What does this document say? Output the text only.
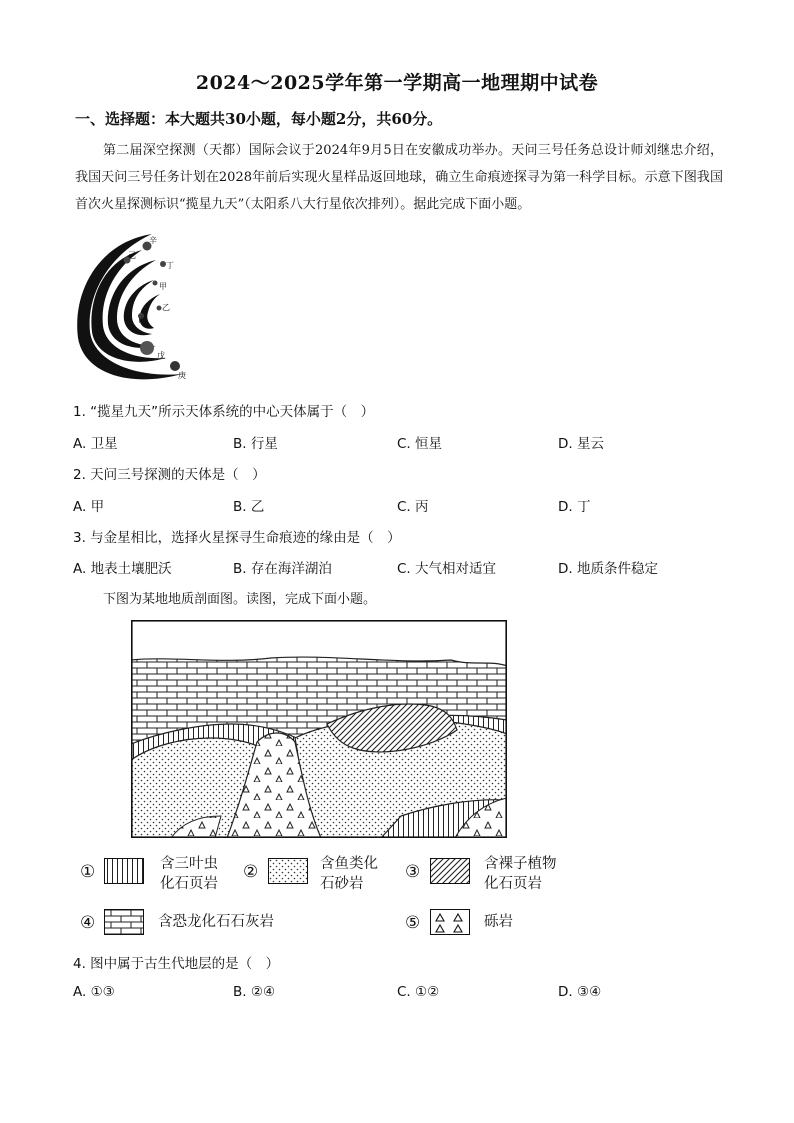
2024～2025学年第一学期高一地理期中试卷
一、选择题：本大题共30小题，每小题2分，共60分。
第二届深空探测（天都）国际会议于2024年9月5日在安徽成功举办。天问三号任务总设计师刘继忠介绍，我国天问三号任务计划在2028年前后实现火星样品返回地球，确立生命痕迹探寻为第一科学目标。示意下图我国首次火星探测标识“揽星九天”（太阳系八大行星依次排列）。据此完成下面小题。
辛
己
丁
甲
乙
丙
戊
庚
1. “揽星九天”所示天体系统的中心天体属于（　）
A. 卫星	B. 行星	C. 恒星	D. 星云
2. 天问三号探测的天体是（　）
A. 甲	B. 乙	C. 丙	D. 丁
3. 与金星相比，选择火星探寻生命痕迹的缘由是（　）
A. 地表土壤肥沃	B. 存在海洋湖泊	C. 大气相对适宜	D. 地质条件稳定
下图为某地地质剖面图。读图，完成下面小题。
①	含三叶虫
化石页岩
②	含鱼类化
石砂岩
③	含裸子植物
化石页岩
④	含恐龙化石石灰岩	⑤	砾岩
4. 图中属于古生代地层的是（　）
A. ①③	B. ②④	C. ①②	D. ③④
